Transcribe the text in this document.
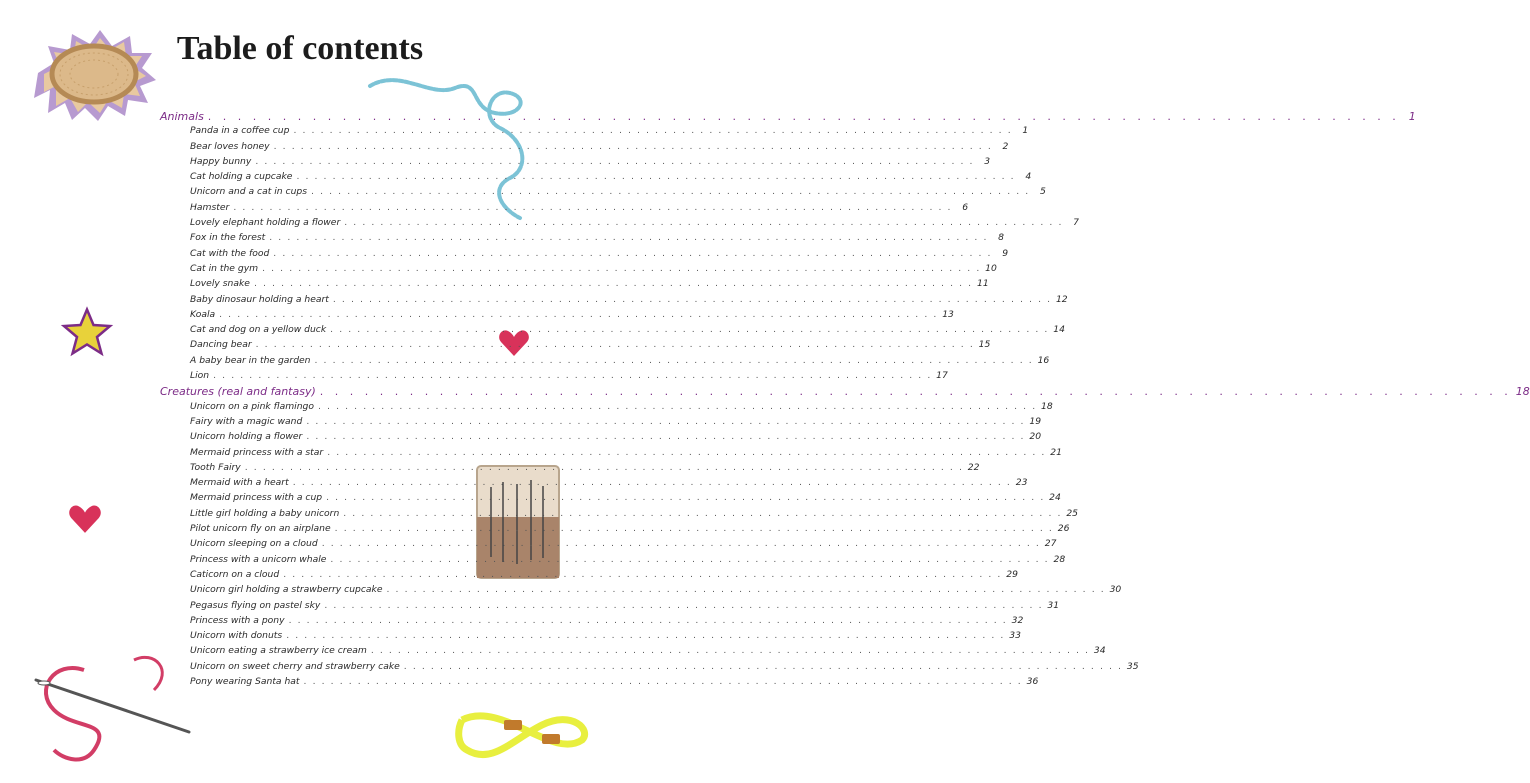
Table of contents
Animals . . . . . . . . . . . . . . . . . . . . . . . . . . . . . . . . . . . . . . . . . . . . . . . . . . . . . . . . . . . . . . . . . . . . . . . . . . . . . . . . 1
Panda in a coffee cup . . . . . . . . . . . . . . . . . . . . . . . . . . . . . . . . . . . . . . . . . . . . . . . . . . . . . . . . . . . . . . . . . . . . . . . . . . . . . . . .	1
Bear loves honey . . . . . . . . . . . . . . . . . . . . . . . . . . . . . . . . . . . . . . . . . . . . . . . . . . . . . . . . . . . . . . . . . . . . . . . . . . . . . . . .	2
Happy bunny . . . . . . . . . . . . . . . . . . . . . . . . . . . . . . . . . . . . . . . . . . . . . . . . . . . . . . . . . . . . . . . . . . . . . . . . . . . . . . . .	3
Cat holding a cupcake . . . . . . . . . . . . . . . . . . . . . . . . . . . . . . . . . . . . . . . . . . . . . . . . . . . . . . . . . . . . . . . . . . . . . . . . . . . . . . . .	4
Unicorn and a cat in cups . . . . . . . . . . . . . . . . . . . . . . . . . . . . . . . . . . . . . . . . . . . . . . . . . . . . . . . . . . . . . . . . . . . . . . . . . . . . . . . .	5
Hamster . . . . . . . . . . . . . . . . . . . . . . . . . . . . . . . . . . . . . . . . . . . . . . . . . . . . . . . . . . . . . . . . . . . . . . . . . . . . . . . .	6
Lovely elephant holding a flower . . . . . . . . . . . . . . . . . . . . . . . . . . . . . . . . . . . . . . . . . . . . . . . . . . . . . . . . . . . . . . . . . . . . . . . . . . . . . . . .	7
Fox in the forest . . . . . . . . . . . . . . . . . . . . . . . . . . . . . . . . . . . . . . . . . . . . . . . . . . . . . . . . . . . . . . . . . . . . . . . . . . . . . . . .	8
Cat with the food . . . . . . . . . . . . . . . . . . . . . . . . . . . . . . . . . . . . . . . . . . . . . . . . . . . . . . . . . . . . . . . . . . . . . . . . . . . . . . . .	9
Cat in the gym . . . . . . . . . . . . . . . . . . . . . . . . . . . . . . . . . . . . . . . . . . . . . . . . . . . . . . . . . . . . . . . . . . . . . . . . . . . . . . . . 10
Lovely snake . . . . . . . . . . . . . . . . . . . . . . . . . . . . . . . . . . . . . . . . . . . . . . . . . . . . . . . . . . . . . . . . . . . . . . . . . . . . . . . . 11
Baby dinosaur holding a heart . . . . . . . . . . . . . . . . . . . . . . . . . . . . . . . . . . . . . . . . . . . . . . . . . . . . . . . . . . . . . . . . . . . . . . . . . . . . . . . . 12
Koala . . . . . . . . . . . . . . . . . . . . . . . . . . . . . . . . . . . . . . . . . . . . . . . . . . . . . . . . . . . . . . . . . . . . . . . . . . . . . . . . 13
Cat and dog on a yellow duck . . . . . . . . . . . . . . . . . . . . . . . . . . . . . . . . . . . . . . . . . . . . . . . . . . . . . . . . . . . . . . . . . . . . . . . . . . . . . . . . 14
Dancing bear . . . . . . . . . . . . . . . . . . . . . . . . . . . . . . . . . . . . . . . . . . . . . . . . . . . . . . . . . . . . . . . . . . . . . . . . . . . . . . . . 15
A baby bear in the garden . . . . . . . . . . . . . . . . . . . . . . . . . . . . . . . . . . . . . . . . . . . . . . . . . . . . . . . . . . . . . . . . . . . . . . . . . . . . . . . . 16
Lion . . . . . . . . . . . . . . . . . . . . . . . . . . . . . . . . . . . . . . . . . . . . . . . . . . . . . . . . . . . . . . . . . . . . . . . . . . . . . . . . 17
Creatures (real and fantasy) . . . . . . . . . . . . . . . . . . . . . . . . . . . . . . . . . . . . . . . . . . . . . . . . . . . . . . . . . . . . . . . . . . . . . . . . . . . . . . . . 18
Unicorn on a pink flamingo . . . . . . . . . . . . . . . . . . . . . . . . . . . . . . . . . . . . . . . . . . . . . . . . . . . . . . . . . . . . . . . . . . . . . . . . . . . . . . . . 18
Fairy with a magic wand . . . . . . . . . . . . . . . . . . . . . . . . . . . . . . . . . . . . . . . . . . . . . . . . . . . . . . . . . . . . . . . . . . . . . . . . . . . . . . . . 19
Unicorn holding a flower . . . . . . . . . . . . . . . . . . . . . . . . . . . . . . . . . . . . . . . . . . . . . . . . . . . . . . . . . . . . . . . . . . . . . . . . . . . . . . . . 20
Mermaid princess with a star . . . . . . . . . . . . . . . . . . . . . . . . . . . . . . . . . . . . . . . . . . . . . . . . . . . . . . . . . . . . . . . . . . . . . . . . . . . . . . . . 21
Tooth Fairy . . . . . . . . . . . . . . . . . . . . . . . . . . . . . . . . . . . . . . . . . . . . . . . . . . . . . . . . . . . . . . . . . . . . . . . . . . . . . . . . 22
Mermaid with a heart . . . . . . . . . . . . . . . . . . . . . . . . . . . . . . . . . . . . . . . . . . . . . . . . . . . . . . . . . . . . . . . . . . . . . . . . . . . . . . . . 23
Mermaid princess with a cup . . . . . . . . . . . . . . . . . . . . . . . . . . . . . . . . . . . . . . . . . . . . . . . . . . . . . . . . . . . . . . . . . . . . . . . . . . . . . . . . 24
Little girl holding a baby unicorn . . . . . . . . . . . . . . . . . . . . . . . . . . . . . . . . . . . . . . . . . . . . . . . . . . . . . . . . . . . . . . . . . . . . . . . . . . . . . . . . 25
Pilot unicorn fly on an airplane . . . . . . . . . . . . . . . . . . . . . . . . . . . . . . . . . . . . . . . . . . . . . . . . . . . . . . . . . . . . . . . . . . . . . . . . . . . . . . . . 26
Unicorn sleeping on a cloud . . . . . . . . . . . . . . . . . . . . . . . . . . . . . . . . . . . . . . . . . . . . . . . . . . . . . . . . . . . . . . . . . . . . . . . . . . . . . . . . 27
Princess with a unicorn whale . . . . . . . . . . . . . . . . . . . . . . . . . . . . . . . . . . . . . . . . . . . . . . . . . . . . . . . . . . . . . . . . . . . . . . . . . . . . . . . . 28
Caticorn on a cloud . . . . . . . . . . . . . . . . . . . . . . . . . . . . . . . . . . . . . . . . . . . . . . . . . . . . . . . . . . . . . . . . . . . . . . . . . . . . . . . . 29
Unicorn girl holding a strawberry cupcake . . . . . . . . . . . . . . . . . . . . . . . . . . . . . . . . . . . . . . . . . . . . . . . . . . . . . . . . . . . . . . . . . . . . . . . . . . . . . . . . 30
Pegasus flying on pastel sky . . . . . . . . . . . . . . . . . . . . . . . . . . . . . . . . . . . . . . . . . . . . . . . . . . . . . . . . . . . . . . . . . . . . . . . . . . . . . . . . 31
Princess with a pony . . . . . . . . . . . . . . . . . . . . . . . . . . . . . . . . . . . . . . . . . . . . . . . . . . . . . . . . . . . . . . . . . . . . . . . . . . . . . . . . 32
Unicorn with donuts . . . . . . . . . . . . . . . . . . . . . . . . . . . . . . . . . . . . . . . . . . . . . . . . . . . . . . . . . . . . . . . . . . . . . . . . . . . . . . . . 33
Unicorn eating a strawberry ice cream . . . . . . . . . . . . . . . . . . . . . . . . . . . . . . . . . . . . . . . . . . . . . . . . . . . . . . . . . . . . . . . . . . . . . . . . . . . . . . . . 34
Unicorn on sweet cherry and strawberry cake . . . . . . . . . . . . . . . . . . . . . . . . . . . . . . . . . . . . . . . . . . . . . . . . . . . . . . . . . . . . . . . . . . . . . . . . . . . . . . . . 35
Pony wearing Santa hat . . . . . . . . . . . . . . . . . . . . . . . . . . . . . . . . . . . . . . . . . . . . . . . . . . . . . . . . . . . . . . . . . . . . . . . . . . . . . . . . 36
